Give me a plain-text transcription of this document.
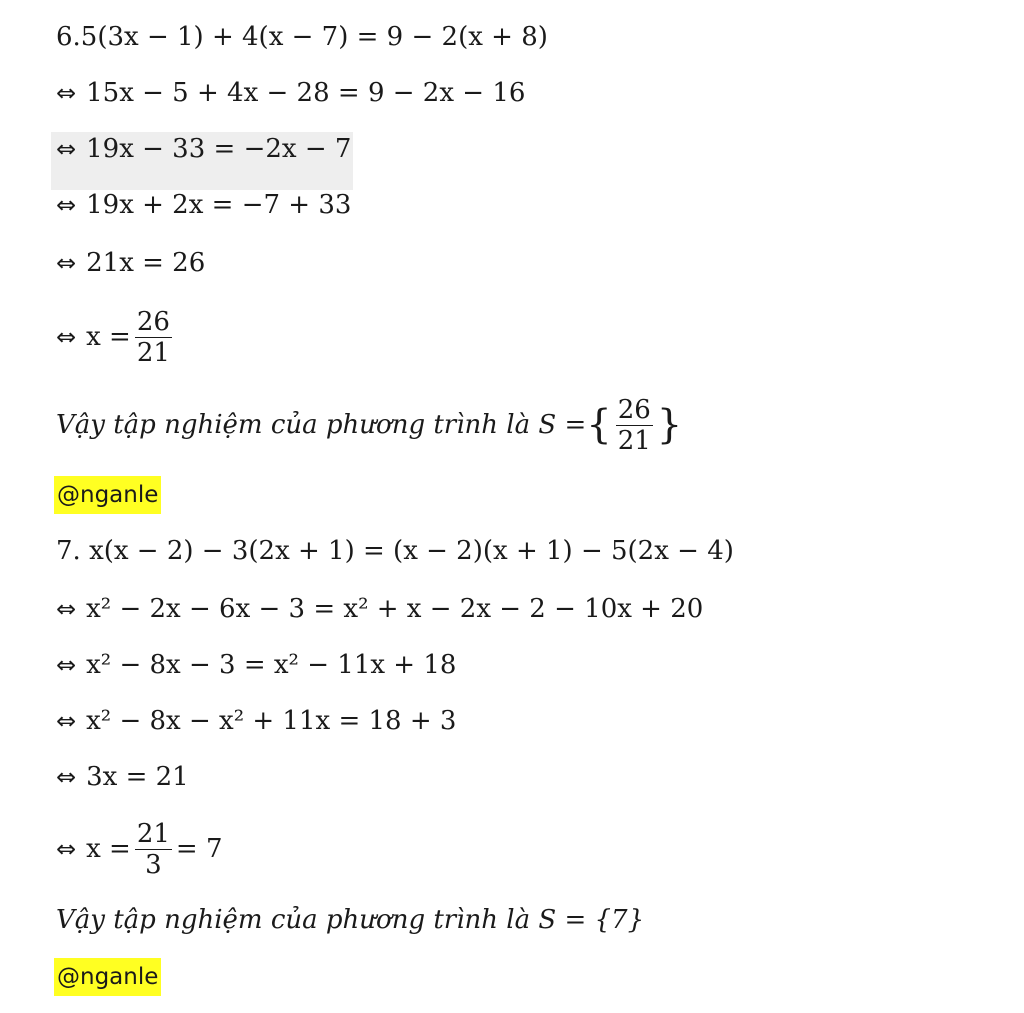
6.5(3x − 1) + 4(x − 7) = 9 − 2(x + 8)
⇔ 15x − 5 + 4x − 28 = 9 − 2x − 16
⇔ 19x − 33 = −2x − 7
⇔ 19x + 2x = −7 + 33
⇔ 21x = 26
⇔ $x = \frac{26}{21}$
Vậy tập nghiệm của phương trình là S = { $\frac{26}{21}$ }
@nganle
7. x(x − 2) − 3(2x + 1) = (x − 2)(x + 1) − 5(2x − 4)
⇔ x² − 2x − 6x − 3 = x² + x − 2x − 2 − 10x + 20
⇔ x² − 8x − 3 = x² − 11x + 18
⇔ x² − 8x − x² + 11x = 18 + 3
⇔ 3x = 21
⇔ $x = \frac{21}{3} = 7$
Vậy tập nghiệm của phương trình là S = {7}
@nganle
